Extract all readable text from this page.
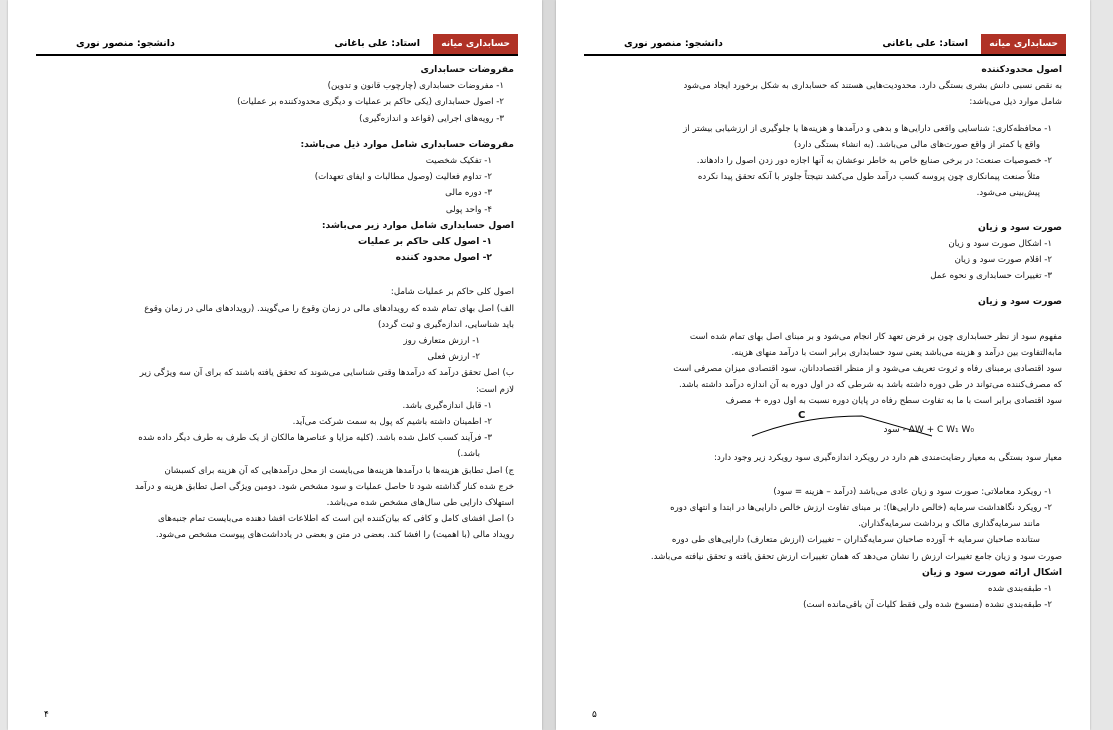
حسابداری میانه
استاد: علی باغانی
دانشجو: منصور نوری

مفروضات حسابداری

۱- مفروضات حسابداری (چارچوب قانون و تدوین)

۲- اصول حسابداری (یکی حاکم بر عملیات و دیگری محدودکننده بر عملیات)

۳- رویه‌های اجرایی (قواعد و اندازه‌گیری)

مفروضات حسابداری شامل موارد ذیل می‌باشد:

۱- تفکیک شخصیت

۲- تداوم فعالیت (وصول مطالبات و ایفای تعهدات)

۳- دوره مالی

۴- واحد پولی

اصول حسابداری شامل موارد زیر می‌باشد:

۱- اصول کلی حاکم بر عملیات

۲- اصول محدود کننده

اصول کلی حاکم بر عملیات شامل:

الف) اصل بهای تمام شده که رویدادهای مالی در زمان وقوع را می‌گویند. (رویدادهای مالی در زمان وقوع

باید شناسایی، اندازه‌گیری و ثبت گردد)

۱- ارزش متعارف روز

۲- ارزش فعلی

ب) اصل تحقق درآمد که درآمدها وقتی شناسایی می‌شوند که تحقق یافته باشند که برای آن سه ویژگی زیر

لازم است:

۱- قابل اندازه‌گیری باشد.

۲- اطمینان داشته باشیم که پول به سمت شرکت می‌آید.

۳- فرآیند کسب کامل شده باشد. (کلیه مزایا و عناصرها مالکان از یک طرف به طرف دیگر داده شده

باشد.)

ج) اصل تطابق هزینه‌ها با درآمدها هزینه‌ها می‌بایست از محل درآمدهایی که آن هزینه برای کسبشان

خرج شده کنار گذاشته شود تا حاصل عملیات و سود مشخص شود. دومین ویژگی اصل تطابق هزینه و درآمد

استهلاک دارایی طی سال‌های مشخص شده می‌باشد.

د) اصل افشای کامل و کافی که بیان‌کننده این است که اطلاعات افشا دهنده می‌بایست تمام جنبه‌های

رویداد مالی (با اهمیت) را افشا کند. بعضی در متن و بعضی در یادداشت‌های پیوست مشخص می‌شود.

۴
حسابداری میانه
استاد: علی باغانی
دانشجو: منصور نوری

اصول محدودکننده

به نقص نسبی دانش بشری بستگی دارد. محدودیت‌هایی هستند که حسابداری به شکل برخورد ایجاد می‌شود

شامل موارد ذیل می‌باشد:

۱- محافظه‌کاری: شناسایی واقعی دارایی‌ها و بدهی و درآمدها و هزینه‌ها یا جلوگیری از ارزشیابی بیشتر از

واقع یا کمتر از واقع صورت‌های مالی می‌باشد. (به انشاء بستگی دارد)

۲- خصوصیات صنعت: در برخی صنایع خاص به خاطر نوعشان به آنها اجازه دور زدن اصول را دادهاند.

مثلاً صنعت پیمانکاری چون پروسه کسب درآمد طول می‌کشد نتیجتاً جلوتر با آنکه تحقق پیدا نکرده

پیش‌بینی می‌شود.

صورت سود و زیان

۱- اشکال صورت سود و زیان

۲- اقلام صورت سود و زیان

۳- تغییرات حسابداری و نحوه عمل

صورت سود و زیان

مفهوم سود از نظر حسابداری چون بر فرض تعهد کار انجام می‌شود و بر مبنای اصل بهای تمام شده است

مابه‌التفاوت بین درآمد و هزینه می‌باشد یعنی سود حسابداری برابر است با درآمد منهای هزینه.

سود اقتصادی برمبنای رفاه و ثروت تعریف می‌شود و از منظر اقتصاددانان، سود اقتصادی میزان مصرفی است

که مصرف‌کننده می‌تواند در طی دوره داشته باشد به شرطی که در اول دوره به آن اندازه درآمد داشته باشد.

سود اقتصادی برابر است با ما به تفاوت سطح رفاه در پایان دوره نسبت به اول دوره + مصرف

C
ΔW + C W₁ W₀ - سود

معیار سود بستگی به معیار رضایت‌مندی هم دارد در رویکرد اندازه‌گیری سود رویکرد زیر وجود دارد:

۱- رویکرد معاملاتی: صورت سود و زیان عادی می‌باشد (درآمد – هزینه = سود)

۲- رویکرد نگاهداشت سرمایه (خالص دارایی‌ها): بر مبنای تفاوت ارزش خالص دارایی‌ها در ابتدا و انتهای دوره

مانند سرمایه‌گذاری مالک و برداشت سرمایه‌گذاران.

ستانده صاحبان سرمایه + آورده صاحبان سرمایه‌گذاران – تغییرات (ارزش متعارف) دارایی‌های طی دوره

صورت سود و زیان جامع تغییرات ارزش را نشان می‌دهد که همان تغییرات ارزش تحقق یافته و تحقق نیافته می‌باشد.

اشکال ارائه صورت سود و زیان

۱- طبقه‌بندی شده

۲- طبقه‌بندی نشده (منسوخ شده ولی فقط کلیات آن باقی‌مانده است)

۵
